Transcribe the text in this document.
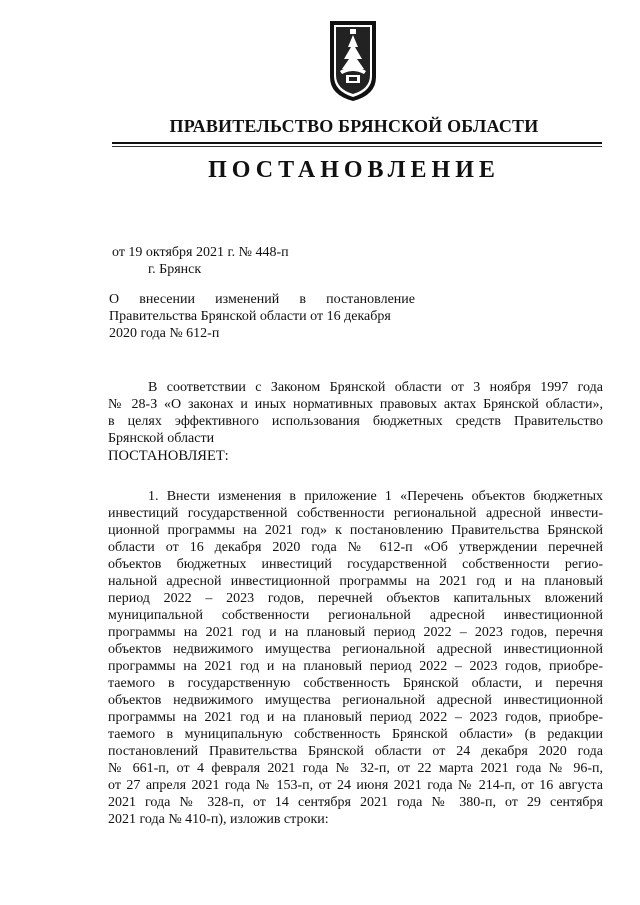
ПРАВИТЕЛЬСТВО БРЯНСКОЙ ОБЛАСТИ
ПОСТАНОВЛЕНИЕ
от 19 октября 2021 г. № 448-п
г. Брянск
О внесении изменений в постановление
Правительства Брянской области от 16 декабря
2020 года № 612-п
В соответствии с Законом Брянской области от 3 ноября 1997 года
№ 28-З «О законах и иных нормативных правовых актах Брянской области»,
в целях эффективного использования бюджетных средств Правительство
Брянской области
ПОСТАНОВЛЯЕТ:
1. Внести изменения в приложение 1 «Перечень объектов бюджетных
инвестиций государственной собственности региональной адресной инвести-
ционной программы на 2021 год» к постановлению Правительства Брянской
области от 16 декабря 2020 года № 612-п «Об утверждении перечней
объектов бюджетных инвестиций государственной собственности регио-
нальной адресной инвестиционной программы на 2021 год и на плановый
период 2022 – 2023 годов, перечней объектов капитальных вложений
муниципальной собственности региональной адресной инвестиционной
программы на 2021 год и на плановый период 2022 – 2023 годов, перечня
объектов недвижимого имущества региональной адресной инвестиционной
программы на 2021 год и на плановый период 2022 – 2023 годов, приобре-
таемого в государственную собственность Брянской области, и перечня
объектов недвижимого имущества региональной адресной инвестиционной
программы на 2021 год и на плановый период 2022 – 2023 годов, приобре-
таемого в муниципальную собственность Брянской области» (в редакции
постановлений Правительства Брянской области от 24 декабря 2020 года
№ 661-п, от 4 февраля 2021 года № 32-п, от 22 марта 2021 года № 96-п,
от 27 апреля 2021 года № 153-п, от 24 июня 2021 года № 214-п, от 16 августа
2021 года № 328-п, от 14 сентября 2021 года № 380-п, от 29 сентября
2021 года № 410-п), изложив строки:
